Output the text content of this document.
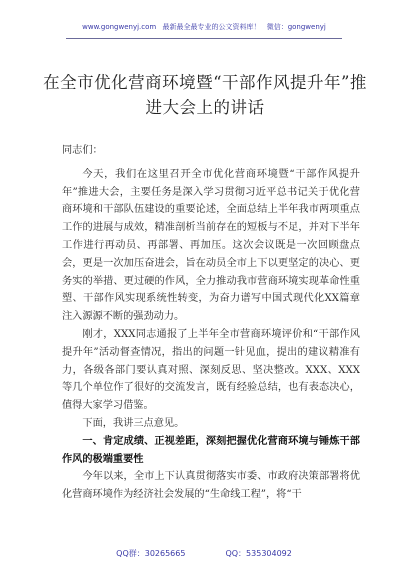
www.gongwenyj.com 最新最全最专业的公文资料库！ 微信：gongwenyj
在全市优化营商环境暨“干部作风提升年”推进大会上的讲话

同志们：

今天，我们在这里召开全市优化营商环境暨“干部作风提升年”推进大会，主要任务是深入学习贯彻习近平总书记关于优化营商环境和干部队伍建设的重要论述，全面总结上半年我市两项重点工作的进展与成效，精准剖析当前存在的短板与不足，并对下半年工作进行再动员、再部署、再加压。这次会议既是一次回顾盘点会，更是一次加压奋进会，旨在动员全市上下以更坚定的决心、更务实的举措、更过硬的作风，全力推动我市营商环境实现革命性重塑、干部作风实现系统性转变，为奋力谱写中国式现代化XX篇章注入源源不断的强劲动力。

刚才，XXX同志通报了上半年全市营商环境评价和“干部作风提升年”活动督查情况，指出的问题一针见血，提出的建议精准有力，各级各部门要认真对照、深刻反思、坚决整改。XXX、XXX等几个单位作了很好的交流发言，既有经验总结，也有表态决心，值得大家学习借鉴。

下面，我讲三点意见。

一、肯定成绩、正视差距，深刻把握优化营商环境与锤炼干部作风的极端重要性

今年以来，全市上下认真贯彻落实市委、市政府决策部署将优化营商环境作为经济社会发展的“生命线工程”，将“干

QQ群：30265665	QQ：535304092
